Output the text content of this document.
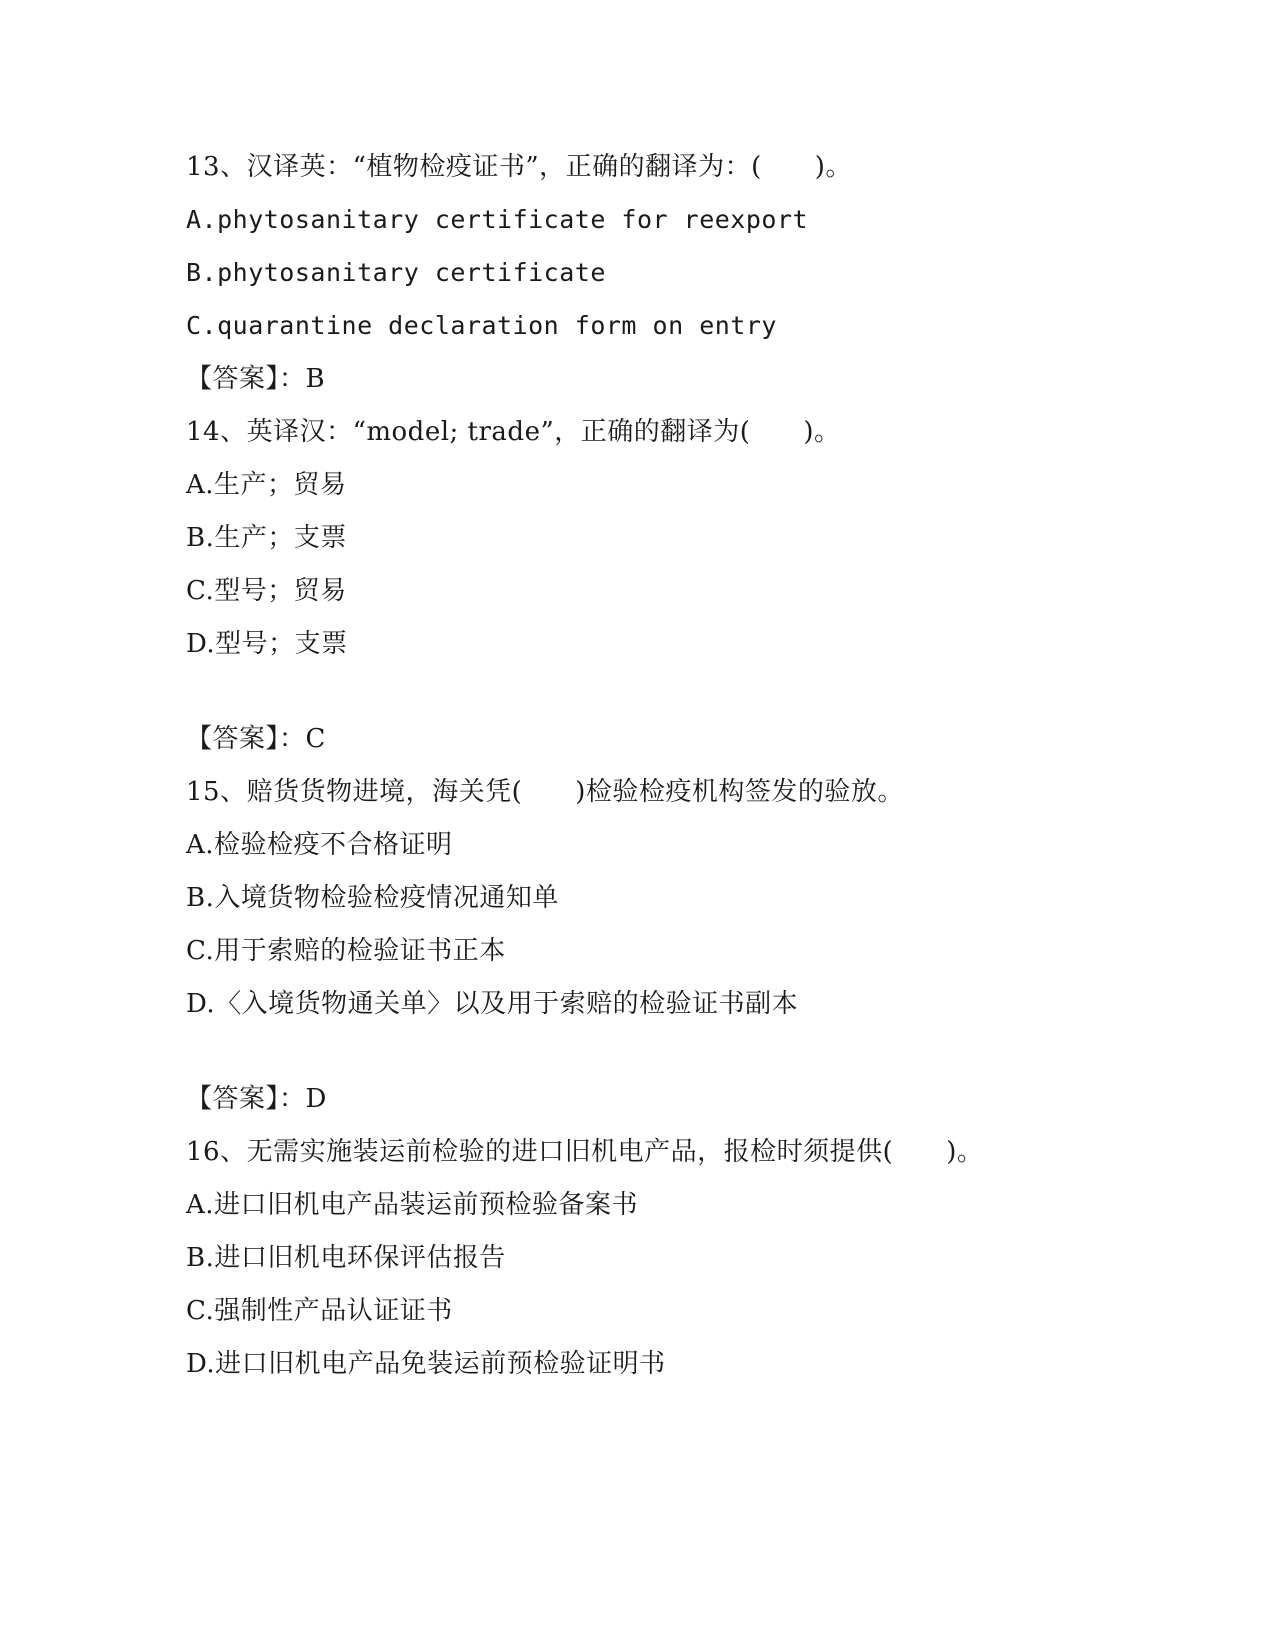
13、汉译英：“植物检疫证书”，正确的翻译为：(　　)。
A.phytosanitary certificate for reexport
B.phytosanitary certificate
C.quarantine declaration form on entry
【答案】：B
14、英译汉：“model; trade”，正确的翻译为(　　)。
A.生产；贸易
B.生产；支票
C.型号；贸易
D.型号；支票
【答案】：C
15、赔货货物进境，海关凭(　　)检验检疫机构签发的验放。
A.检验检疫不合格证明
B.入境货物检验检疫情况通知单
C.用于索赔的检验证书正本
D.〈入境货物通关单〉以及用于索赔的检验证书副本
【答案】：D
16、无需实施装运前检验的进口旧机电产品，报检时须提供(　　)。
A.进口旧机电产品装运前预检验备案书
B.进口旧机电环保评估报告
C.强制性产品认证证书
D.进口旧机电产品免装运前预检验证明书
